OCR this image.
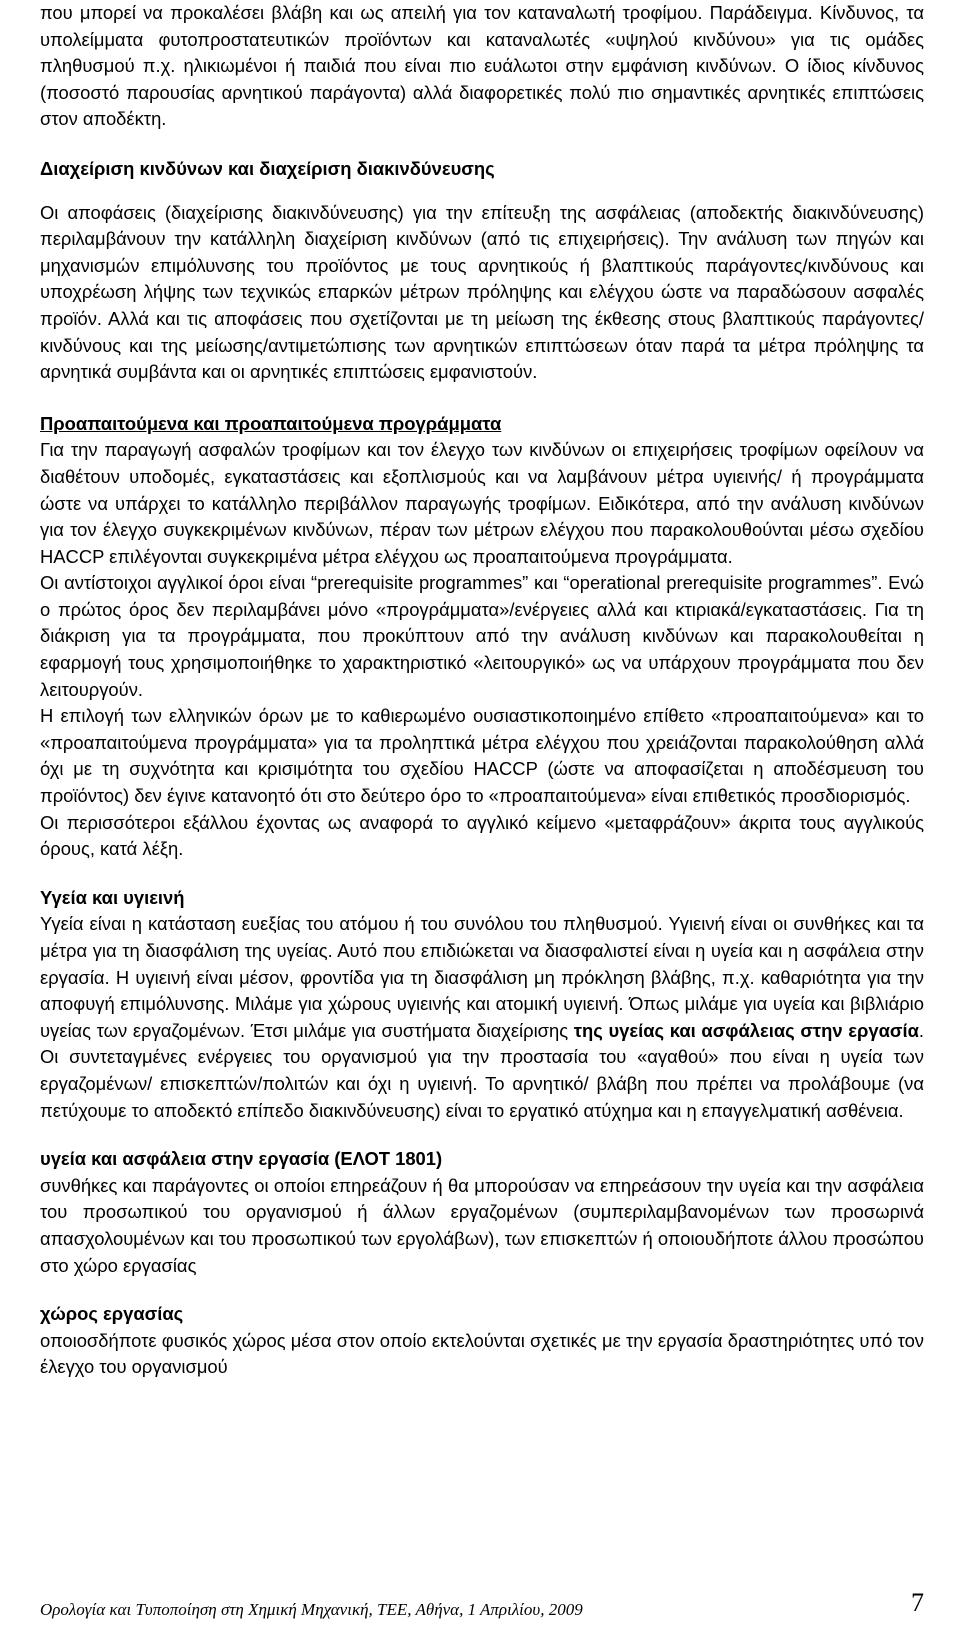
που μπορεί να προκαλέσει βλάβη και ως απειλή για τον καταναλωτή τροφίμου. Παράδειγμα. Κίνδυνος, τα υπολείμματα φυτοπροστατευτικών προϊόντων και καταναλωτές «υψηλού κινδύνου» για τις ομάδες πληθυσμού π.χ. ηλικιωμένοι ή παιδιά που είναι πιο ευάλωτοι στην εμφάνιση κινδύνων. Ο ίδιος κίνδυνος (ποσοστό παρουσίας αρνητικού παράγοντα) αλλά διαφορετικές πολύ πιο σημαντικές αρνητικές επιπτώσεις στον αποδέκτη.

Διαχείριση κινδύνων και διαχείριση διακινδύνευσης

Οι αποφάσεις (διαχείρισης διακινδύνευσης) για την επίτευξη της ασφάλειας (αποδεκτής διακινδύνευσης) περιλαμβάνουν την κατάλληλη διαχείριση κινδύνων (από τις επιχειρήσεις). Την ανάλυση των πηγών και μηχανισμών επιμόλυνσης του προϊόντος με τους αρνητικούς ή βλαπτικούς παράγοντες/κινδύνους και υποχρέωση λήψης των τεχνικώς επαρκών μέτρων πρόληψης και ελέγχου ώστε να παραδώσουν ασφαλές προϊόν. Αλλά και τις αποφάσεις που σχετίζονται με τη μείωση της έκθεσης στους βλαπτικούς παράγοντες/κινδύνους και της μείωσης/αντιμετώπισης των αρνητικών επιπτώσεων όταν παρά τα μέτρα πρόληψης τα αρνητικά συμβάντα και οι αρνητικές επιπτώσεις εμφανιστούν.

Προαπαιτούμενα και προαπαιτούμενα προγράμματα

Για την παραγωγή ασφαλών τροφίμων και τον έλεγχο των κινδύνων οι επιχειρήσεις τροφίμων οφείλουν να διαθέτουν υποδομές, εγκαταστάσεις και εξοπλισμούς και να λαμβάνουν μέτρα υγιεινής/ ή προγράμματα ώστε να υπάρχει το κατάλληλο περιβάλλον παραγωγής τροφίμων. Ειδικότερα, από την ανάλυση κινδύνων για τον έλεγχο συγκεκριμένων κινδύνων, πέραν των μέτρων ελέγχου που παρακολουθούνται μέσω σχεδίου HACCP επιλέγονται συγκεκριμένα μέτρα ελέγχου ως προαπαιτούμενα προγράμματα.

Οι αντίστοιχοι αγγλικοί όροι είναι “prerequisite programmes” και “operational prerequisite programmes”. Ενώ ο πρώτος όρος δεν περιλαμβάνει μόνο «προγράμματα»/ενέργειες αλλά και κτιριακά/εγκαταστάσεις. Για τη διάκριση για τα προγράμματα, που προκύπτουν από την ανάλυση κινδύνων και παρακολουθείται η εφαρμογή τους χρησιμοποιήθηκε το χαρακτηριστικό «λειτουργικό» ως να υπάρχουν προγράμματα που δεν λειτουργούν.

Η επιλογή των ελληνικών όρων με το καθιερωμένο ουσιαστικοποιημένο επίθετο «προαπαιτούμενα» και το «προαπαιτούμενα προγράμματα» για τα προληπτικά μέτρα ελέγχου που χρειάζονται παρακολούθηση αλλά όχι με τη συχνότητα και κρισιμότητα του σχεδίου HACCP (ώστε να αποφασίζεται η αποδέσμευση του προϊόντος) δεν έγινε κατανοητό ότι στο δεύτερο όρο το «προαπαιτούμενα» είναι επιθετικός προσδιορισμός.

Οι περισσότεροι εξάλλου έχοντας ως αναφορά το αγγλικό κείμενο «μεταφράζουν» άκριτα τους αγγλικούς όρους, κατά λέξη.

Υγεία και υγιεινή

Υγεία είναι η κατάσταση ευεξίας του ατόμου ή του συνόλου του πληθυσμού. Υγιεινή είναι οι συνθήκες και τα μέτρα για τη διασφάλιση της υγείας. Αυτό που επιδιώκεται να διασφαλιστεί είναι η υγεία και η ασφάλεια στην εργασία. Η υγιεινή είναι μέσον, φροντίδα για τη διασφάλιση μη πρόκληση βλάβης, π.χ. καθαριότητα για την αποφυγή επιμόλυνσης. Μιλάμε για χώρους υγιεινής και ατομική υγιεινή. Όπως μιλάμε για υγεία και βιβλιάριο υγείας των εργαζομένων. Έτσι μιλάμε για συστήματα διαχείρισης της υγείας και ασφάλειας στην εργασία. Οι συντεταγμένες ενέργειες του οργανισμού για την προστασία του «αγαθού» που είναι η υγεία των εργαζομένων/ επισκεπτών/πολιτών και όχι η υγιεινή. Το αρνητικό/ βλάβη που πρέπει να προλάβουμε (να πετύχουμε το αποδεκτό επίπεδο διακινδύνευσης) είναι το εργατικό ατύχημα και η επαγγελματική ασθένεια.

υγεία και ασφάλεια στην εργασία (ΕΛΟΤ 1801)

συνθήκες και παράγοντες οι οποίοι επηρεάζουν ή θα μπορούσαν να επηρεάσουν την υγεία και την ασφάλεια του προσωπικού του οργανισμού ή άλλων εργαζομένων (συμπεριλαμβανομένων των προσωρινά απασχολουμένων και του προσωπικού των εργολάβων), των επισκεπτών ή οποιουδήποτε άλλου προσώπου στο χώρο εργασίας

χώρος εργασίας

οποιοσδήποτε φυσικός χώρος μέσα στον οποίο εκτελούνται σχετικές με την εργασία δραστηριότητες υπό τον έλεγχο του οργανισμού

Ορολογία και Τυποποίηση στη Χημική Μηχανική, ΤΕΕ, Αθήνα, 1 Απριλίου, 2009	7
